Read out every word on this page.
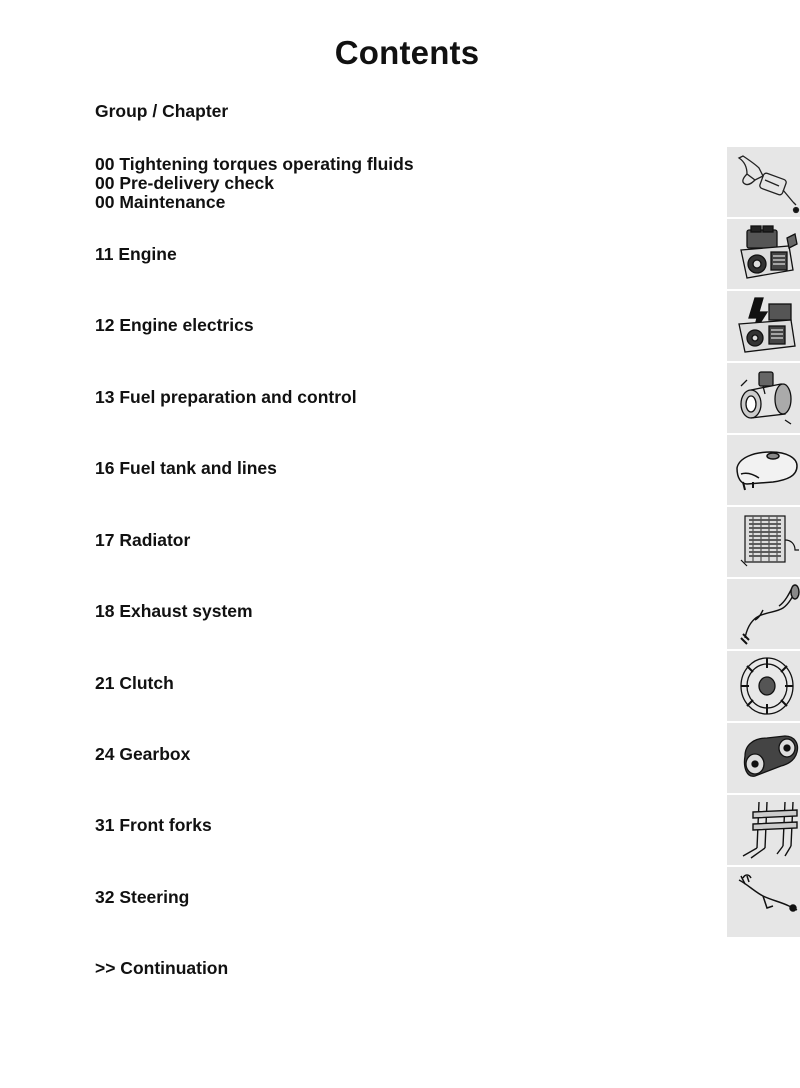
Contents
Group / Chapter
00 Tightening torques operating fluids
00 Pre-delivery check
00 Maintenance
11 Engine
12 Engine electrics
13 Fuel preparation and control
16 Fuel tank and lines
17 Radiator
18 Exhaust system
21 Clutch
24 Gearbox
31 Front forks
32 Steering
>> Continuation
